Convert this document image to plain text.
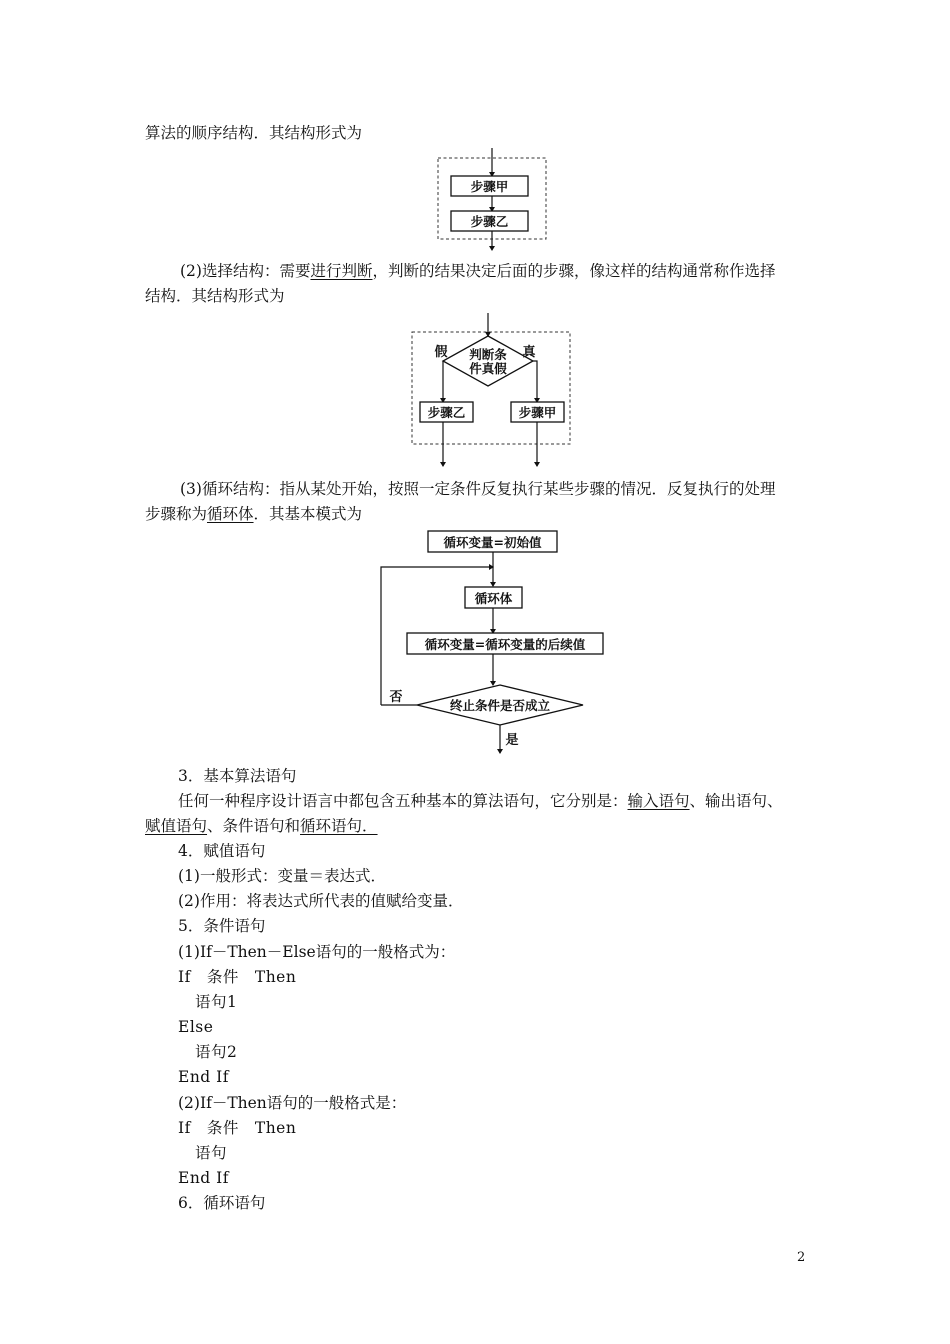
算法的顺序结构．其结构形式为
步骤甲
步骤乙
(2)选择结构：需要进行判断，判断的结果决定后面的步骤，像这样的结构通常称作选择
结构．其结构形式为
判断条
件真假
假	真
步骤乙	步骤甲
(3)循环结构：指从某处开始，按照一定条件反复执行某些步骤的情况．反复执行的处理
步骤称为循环体．其基本模式为
循环变量=初始值
循环体
循环变量=循环变量的后续值
终止条件是否成立
否
是
3．基本算法语句
任何一种程序设计语言中都包含五种基本的算法语句，它分别是：输入语句、输出语句、
赋值语句、条件语句和循环语句．
4．赋值语句
(1)一般形式：变量＝表达式．
(2)作用：将表达式所代表的值赋给变量．
5．条件语句
(1)If－Then－Else语句的一般格式为：
If　条件　Then
语句1
Else
语句2
End If
(2)If－Then语句的一般格式是：
If　条件　Then
语句
End If
6．循环语句
2
